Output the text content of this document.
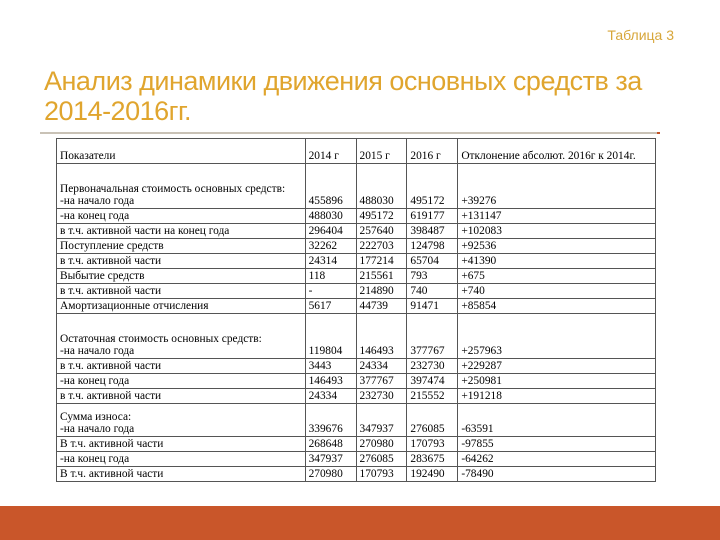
Таблица 3
Анализ динамики движения основных средств за 2014-2016гг.
Показатели	2014 г	2015 г	2016 г	Отклонение абсолют. 2016г к 2014г.
Первоначальная стоимость основных средств:
-на начало года	455896	488030	495172	+39276
-на конец года	488030	495172	619177	+131147
в т.ч. активной части на конец года	296404	257640	398487	+102083
Поступление средств	32262	222703	124798	+92536
в т.ч. активной части	24314	177214	65704	+41390
Выбытие средств	118	215561	793	+675
в т.ч. активной части	-	214890	740	+740
Амортизационные отчисления	5617	44739	91471	+85854
Остаточная стоимость основных средств:
-на начало года	119804	146493	377767	+257963
в т.ч. активной части	3443	24334	232730	+229287
-на конец года	146493	377767	397474	+250981
в т.ч. активной части	24334	232730	215552	+191218
Сумма износа:
-на начало года	339676	347937	276085	-63591
В т.ч. активной части	268648	270980	170793	-97855
-на конец года	347937	276085	283675	-64262
В т.ч. активной части	270980	170793	192490	-78490
